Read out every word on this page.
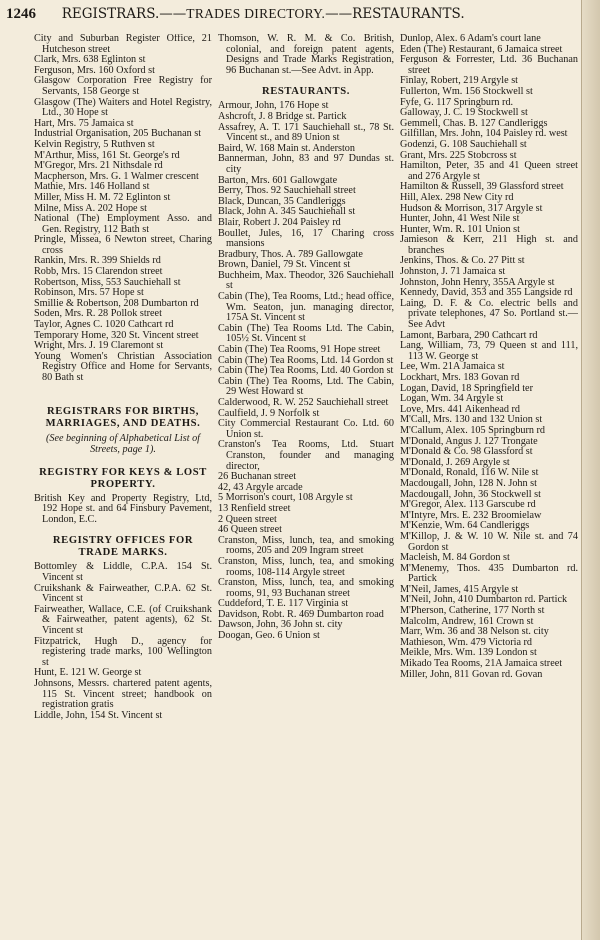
1246 REGISTRARS.——TRADES DIRECTORY.——RESTAURANTS.

City and Suburban Register Office, 21 Hutcheson street

Clark, Mrs. 638 Eglinton st

Ferguson, Mrs. 160 Oxford st

Glasgow Corporation Free Registry for Servants, 158 George st

Glasgow (The) Waiters and Hotel Registry, Ltd., 30 Hope st

Hart, Mrs. 75 Jamaica st

Industrial Organisation, 205 Buchanan st

Kelvin Registry, 5 Ruthven st

M'Arthur, Miss, 161 St. George's rd

M'Gregor, Mrs. 21 Nithsdale rd

Macpherson, Mrs. G. 1 Walmer crescent

Mathie, Mrs. 146 Holland st

Miller, Miss H. M. 72 Eglinton st

Milne, Miss A. 202 Hope st

National (The) Employment Asso. and Gen. Registry, 112 Bath st

Pringle, Missea, 6 Newton street, Charing cross

Rankin, Mrs. R. 399 Shields rd

Robb, Mrs. 15 Clarendon street

Robertson, Miss, 553 Sauchiehall st

Robinson, Mrs. 57 Hope st

Smillie & Robertson, 208 Dumbarton rd

Soden, Mrs. R. 28 Pollok street

Taylor, Agnes C. 1020 Cathcart rd

Temporary Home, 320 St. Vincent street

Wright, Mrs. J. 19 Claremont st

Young Women's Christian Association Registry Office and Home for Servants, 80 Bath st

REGISTRARS FOR BIRTHS, MARRIAGES, AND DEATHS.
(See beginning of Alphabetical List of Streets, page 1).
REGISTRY FOR KEYS & LOST PROPERTY.

British Key and Property Registry, Ltd, 192 Hope st. and 64 Finsbury Pavement, London, E.C.

REGISTRY OFFICES FOR TRADE MARKS.

Bottomley & Liddle, C.P.A. 154 St. Vincent st

Cruikshank & Fairweather, C.P.A. 62 St. Vincent st

Fairweather, Wallace, C.E. (of Cruikshank & Fairweather, patent agents), 62 St. Vincent st

Fitzpatrick, Hugh D., agency for registering trade marks, 100 Wellington st

Hunt, E. 121 W. George st

Johnsons, Messrs. chartered patent agents, 115 St. Vincent street; handbook on registration gratis

Liddle, John, 154 St. Vincent st

Thomson, W. R. M. & Co. British, colonial, and foreign patent agents, Designs and Trade Marks Registration, 96 Buchanan st.—See Advt. in App.

RESTAURANTS.

Armour, John, 176 Hope st

Ashcroft, J. 8 Bridge st. Partick

Assafrey, A. T. 171 Sauchiehall st., 78 St. Vincent st., and 89 Union st

Baird, W. 168 Main st. Anderston

Bannerman, John, 83 and 97 Dundas st. city

Barton, Mrs. 601 Gallowgate

Berry, Thos. 92 Sauchiehall street

Black, Duncan, 35 Candleriggs

Black, John A. 345 Sauchiehall st

Blair, Robert J. 204 Paisley rd

Boullet, Jules, 16, 17 Charing cross mansions

Bradbury, Thos. A. 789 Gallowgate

Brown, Daniel, 79 St. Vincent st

Buchheim, Max. Theodor, 326 Sauchiehall st

Cabin (The), Tea Rooms, Ltd.; head office, Wm. Seaton, jun. managing director, 175A St. Vincent st

Cabin (The) Tea Rooms Ltd. The Cabin, 105½ St. Vincent st

Cabin (The) Tea Rooms, 91 Hope street

Cabin (The) Tea Rooms, Ltd. 14 Gordon st

Cabin (The) Tea Rooms, Ltd. 40 Gordon st

Cabin (The) Tea Rooms, Ltd. The Cabin, 29 West Howard st

Calderwood, R. W. 252 Sauchiehall street

Caulfield, J. 9 Norfolk st

City Commercial Restaurant Co. Ltd. 60 Union st.

Cranston's Tea Rooms, Ltd. Stuart Cranston, founder and managing director,

26 Buchanan street

42, 43 Argyle arcade

5 Morrison's court, 108 Argyle st

13 Renfield street

2 Queen street

46 Queen street

Cranston, Miss, lunch, tea, and smoking rooms, 205 and 209 Ingram street

Cranston, Miss, lunch, tea, and smoking rooms, 108-114 Argyle street

Cranston, Miss, lunch, tea, and smoking rooms, 91, 93 Buchanan street

Cuddeford, T. E. 117 Virginia st

Davidson, Robt. R. 469 Dumbarton road

Dawson, John, 36 John st. city

Doogan, Geo. 6 Union st

Dunlop, Alex. 6 Adam's court lane

Eden (The) Restaurant, 6 Jamaica street

Ferguson & Forrester, Ltd. 36 Buchanan street

Finlay, Robert, 219 Argyle st

Fullerton, Wm. 156 Stockwell st

Fyfe, G. 117 Springburn rd.

Galloway, J. C. 19 Stockwell st

Gemmell, Chas. B. 127 Candleriggs

Gilfillan, Mrs. John, 104 Paisley rd. west

Godenzi, G. 108 Sauchiehall st

Grant, Mrs. 225 Stobcross st

Hamilton, Peter, 35 and 41 Queen street and 276 Argyle st

Hamilton & Russell, 39 Glassford street

Hill, Alex. 298 New City rd

Hudson & Morrison, 317 Argyle st

Hunter, John, 41 West Nile st

Hunter, Wm. R. 101 Union st

Jamieson & Kerr, 211 High st. and branches

Jenkins, Thos. & Co. 27 Pitt st

Johnston, J. 71 Jamaica st

Johnston, John Henry, 355A Argyle st

Kennedy, David, 353 and 355 Langside rd

Laing, D. F. & Co. electric bells and private telephones, 47 So. Portland st.—See Advt

Lamont, Barbara, 290 Cathcart rd

Lang, William, 73, 79 Queen st and 111, 113 W. George st

Lee, Wm. 21A Jamaica st

Lockhart, Mrs. 183 Govan rd

Logan, David, 18 Springfield ter

Logan, Wm. 34 Argyle st

Love, Mrs. 441 Aikenhead rd

M'Call, Mrs. 130 and 132 Union st

M'Callum, Alex. 105 Springburn rd

M'Donald, Angus J. 127 Trongate

M'Donald & Co. 98 Glassford st

M'Donald, J. 269 Argyle st

M'Donald, Ronald, 116 W. Nile st

Macdougall, John, 128 N. John st

Macdougall, John, 36 Stockwell st

M'Gregor, Alex. 113 Garscube rd

M'Intyre, Mrs. E. 232 Broomielaw

M'Kenzie, Wm. 64 Candleriggs

M'Killop, J. & W. 10 W. Nile st. and 74 Gordon st

Macleish, M. 84 Gordon st

M'Menemy, Thos. 435 Dumbarton rd. Partick

M'Neil, James, 415 Argyle st

M'Neil, John, 410 Dumbarton rd. Partick

M'Pherson, Catherine, 177 North st

Malcolm, Andrew, 161 Crown st

Marr, Wm. 36 and 38 Nelson st. city

Mathieson, Wm. 479 Victoria rd

Meikle, Mrs. Wm. 139 London st

Mikado Tea Rooms, 21A Jamaica street

Miller, John, 811 Govan rd. Govan
